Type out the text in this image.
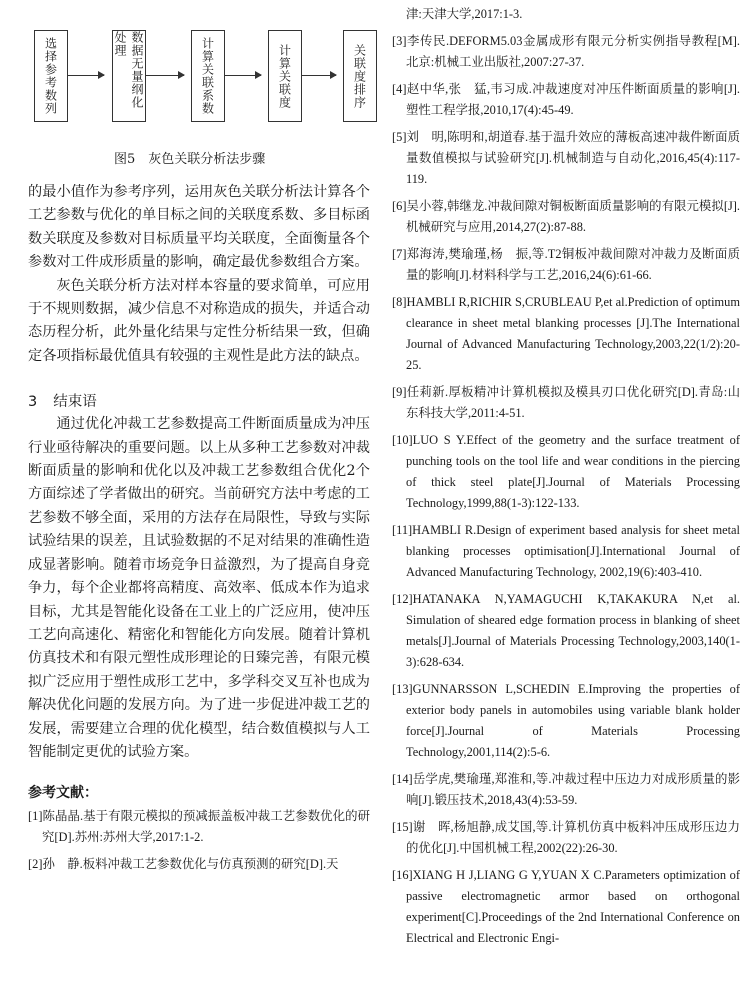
选择参考数列	数据无量纲化处理	计算关联系数	计算关联度	关联度排序
图5　灰色关联分析法步骤

的最小值作为参考序列，运用灰色关联分析法计算各个工艺参数与优化的单目标之间的关联度系数、多目标函数关联度及参数对目标质量平均关联度，全面衡量各个参数对工件成形质量的影响，确定最优参数组合方案。

灰色关联分析方法对样本容量的要求简单，可应用于不规则数据，减少信息不对称造成的损失，并适合动态历程分析，此外量化结果与定性分析结果一致，但确定各项指标最优值具有较强的主观性是此方法的缺点。

3 结束语

通过优化冲裁工艺参数提高工件断面质量成为冲压行业亟待解决的重要问题。以上从多种工艺参数对冲裁断面质量的影响和优化以及冲裁工艺参数组合优化2个方面综述了学者做出的研究。当前研究方法中考虑的工艺参数不够全面，采用的方法存在局限性，导致与实际试验结果的误差，且试验数据的不足对结果的准确性造成显著影响。随着市场竞争日益激烈，为了提高自身竞争力，每个企业都将高精度、高效率、低成本作为追求目标，尤其是智能化设备在工业上的广泛应用，使冲压工艺向高速化、精密化和智能化方向发展。随着计算机仿真技术和有限元塑性成形理论的日臻完善，有限元模拟广泛应用于塑性成形工艺中，多学科交叉互补也成为解决优化问题的发展方向。为了进一步促进冲裁工艺的发展，需要建立合理的优化模型，结合数值模拟与人工智能制定更优的试验方案。

参考文献：

[1]陈晶晶.基于有限元模拟的预减振盖板冲裁工艺参数优化的研究[D].苏州:苏州大学,2017:1-2.

[2]孙　静.板料冲裁工艺参数优化与仿真预测的研究[D].天

津:天津大学,2017:1-3.

[3]李传民.DEFORM5.03金属成形有限元分析实例指导教程[M].北京:机械工业出版社,2007:27-37.

[4]赵中华,张　猛,韦习成.冲裁速度对冲压件断面质量的影响[J].塑性工程学报,2010,17(4):45-49.

[5]刘　明,陈明和,胡道春.基于温升效应的薄板高速冲裁件断面质量数值模拟与试验研究[J].机械制造与自动化,2016,45(4):117-119.

[6]吴小蓉,韩继龙.冲裁间隙对铜板断面质量影响的有限元模拟[J].机械研究与应用,2014,27(2):87-88.

[7]郑海涛,樊瑜瑾,杨　振,等.T2铜板冲裁间隙对冲裁力及断面质量的影响[J].材料科学与工艺,2016,24(6):61-66.

[8]HAMBLI R,RICHIR S,CRUBLEAU P,et al.Prediction of optimum clearance in sheet metal blanking processes [J].The International Journal of Advanced Manufacturing Technology,2003,22(1/2):20-25.

[9]任莉新.厚板精冲计算机模拟及模具刃口优化研究[D].青岛:山东科技大学,2011:4-51.

[10]LUO S Y.Effect of the geometry and the surface treatment of punching tools on the tool life and wear conditions in the piercing of thick steel plate[J].Journal of Materials Processing Technology,1999,88(1-3):122-133.

[11]HAMBLI R.Design of experiment based analysis for sheet metal blanking processes optimisation[J].International Journal of Advanced Manufacturing Technology, 2002,19(6):403-410.

[12]HATANAKA N,YAMAGUCHI K,TAKAKURA N,et al. Simulation of sheared edge formation process in blanking of sheet metals[J].Journal of Materials Processing Technology,2003,140(1-3):628-634.

[13]GUNNARSSON L,SCHEDIN E.Improving the properties of exterior body panels in automobiles using variable blank holder force[J].Journal of Materials Processing Technology,2001,114(2):5-6.

[14]岳学虎,樊瑜瑾,郑淮和,等.冲裁过程中压边力对成形质量的影响[J].锻压技术,2018,43(4):53-59.

[15]谢　晖,杨旭静,成艾国,等.计算机仿真中板料冲压成形压边力的优化[J].中国机械工程,2002(22):26-30.

[16]XIANG H J,LIANG G Y,YUAN X C.Parameters optimization of passive electromagnetic armor based on orthogonal experiment[C].Proceedings of the 2nd International Conference on Electrical and Electronic Engi-
